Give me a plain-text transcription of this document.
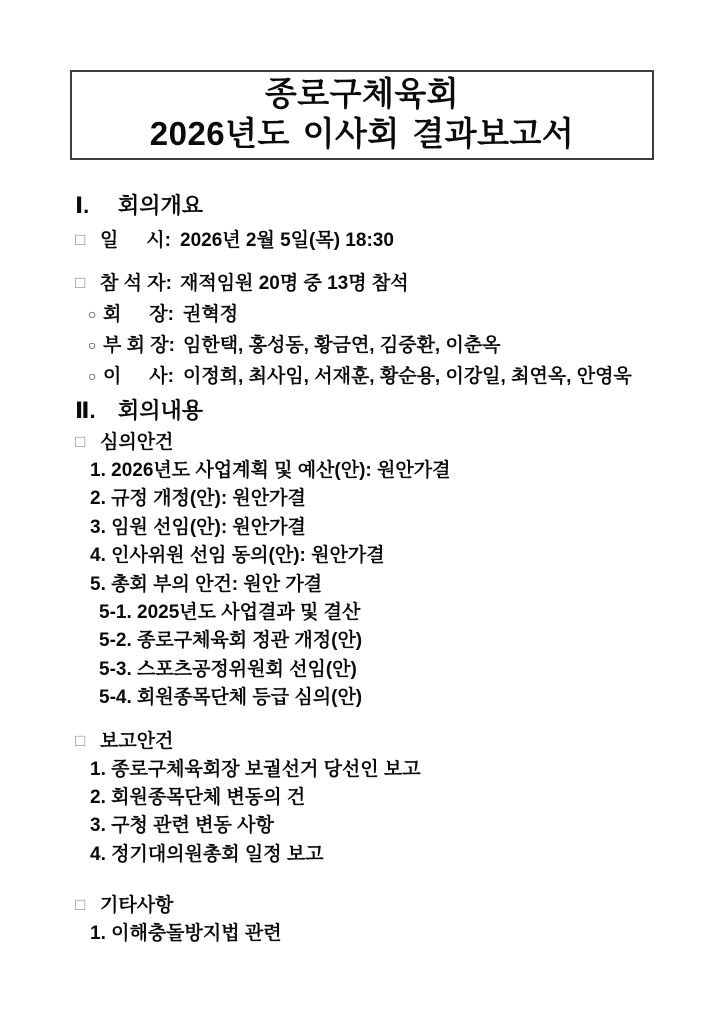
종로구체육회
2026년도 이사회 결과보고서
Ⅰ. 회의개요
□ 일 시: 2026년 2월 5일(목) 18:30
□ 참 석 자: 재적임원 20명 중 13명 참석
○ 회 장: 권혁정
○ 부 회 장: 임한택, 홍성동, 황금연, 김중환, 이춘옥
○ 이 사: 이정희, 최사임, 서재훈, 황순용, 이강일, 최연옥, 안영욱
Ⅱ. 회의내용
□ 심의안건
1. 2026년도 사업계획 및 예산(안): 원안가결
2. 규정 개정(안): 원안가결
3. 임원 선임(안): 원안가결
4. 인사위원 선임 동의(안): 원안가결
5. 총회 부의 안건: 원안 가결
5-1. 2025년도 사업결과 및 결산
5-2. 종로구체육회 정관 개정(안)
5-3. 스포츠공정위원회 선임(안)
5-4. 회원종목단체 등급 심의(안)
□ 보고안건
1. 종로구체육회장 보궐선거 당선인 보고
2. 회원종목단체 변동의 건
3. 구청 관련 변동 사항
4. 정기대의원총회 일정 보고
□ 기타사항
1. 이해충돌방지법 관련
